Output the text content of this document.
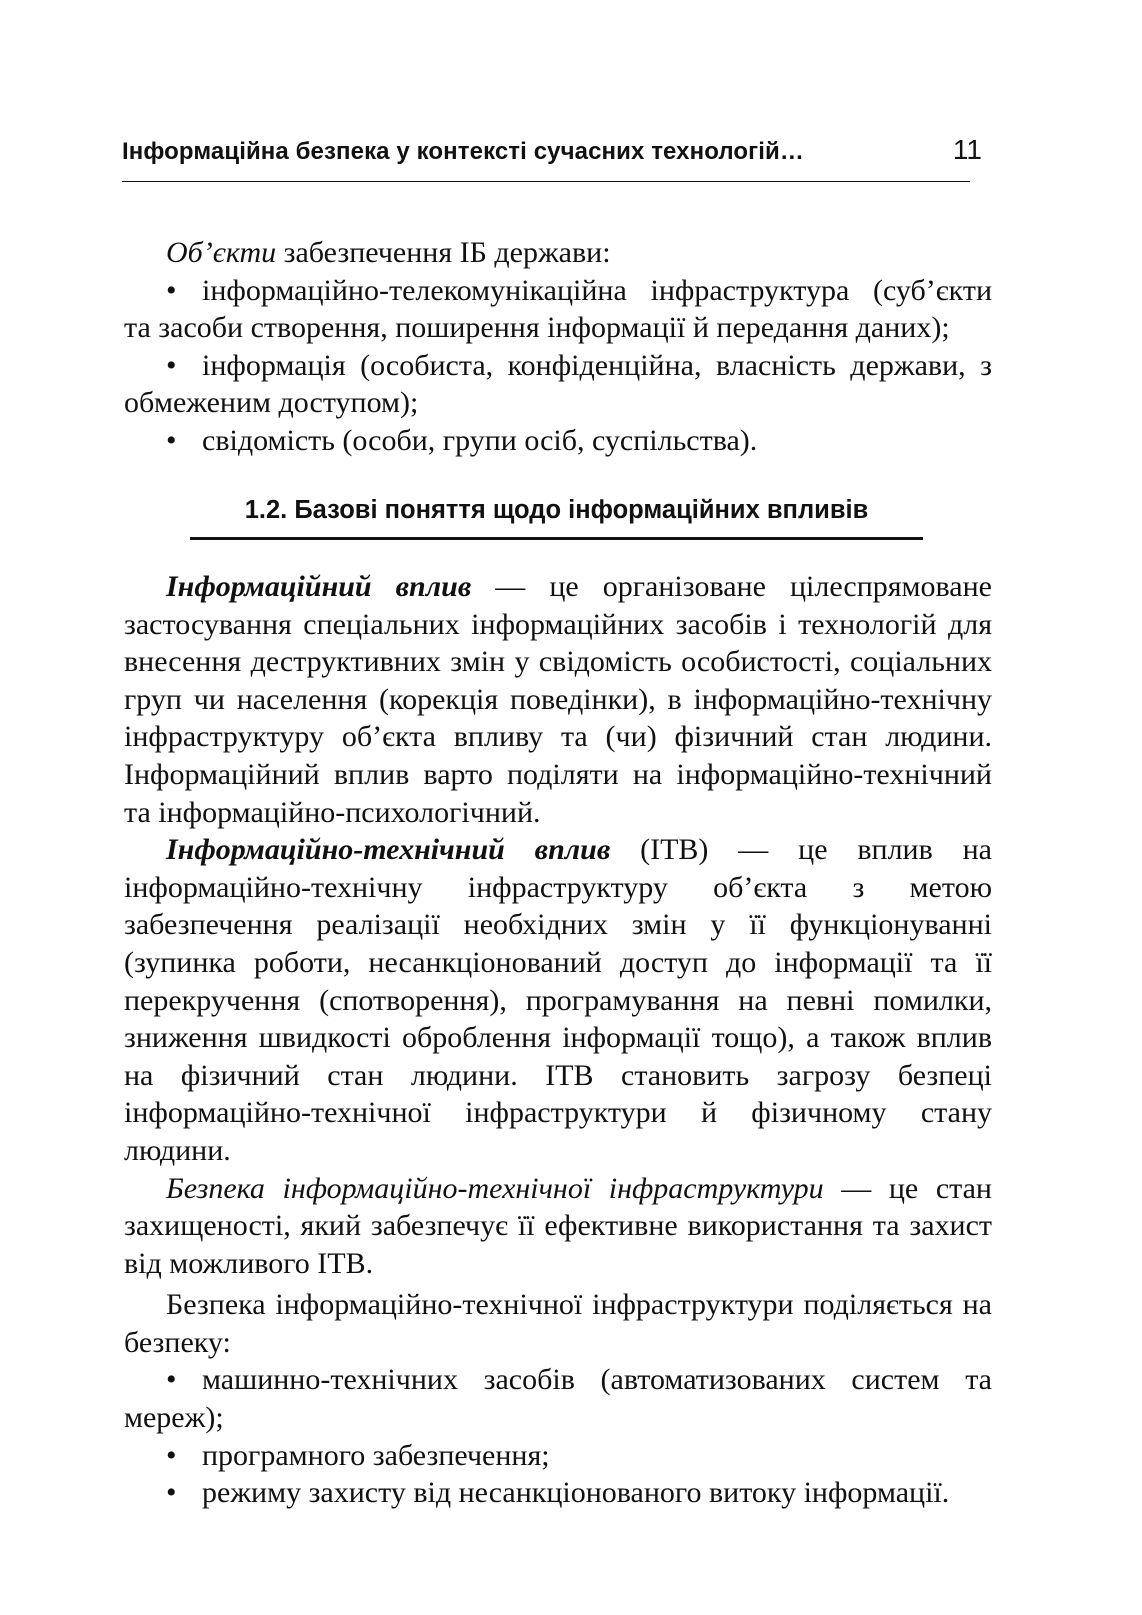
Інформаційна безпека у контексті сучасних технологій…	11

Об’єкти забезпечення ІБ держави:

• інформаційно-телекомунікаційна інфраструктура (суб’єкти та засоби створення, поширення інформації й передання даних);

• інформація (особиста, конфіденційна, власність держави, з обмеженим доступом);

• свідомість (особи, групи осіб, суспільства).

1.2. Базові поняття щодо інформаційних впливів

Інформаційний вплив — це організоване цілеспрямоване застосування спеціальних інформаційних засобів і технологій для внесення деструктивних змін у свідомість особистості, соціальних груп чи населення (корекція поведінки), в інформаційно-технічну інфраструктуру об’єкта впливу та (чи) фізичний стан людини. Інформаційний вплив варто поділяти на інформаційно-технічний та інформаційно-психологічний.

Інформаційно-технічний вплив (ІТВ) — це вплив на інформаційно-технічну інфраструктуру об’єкта з метою забезпечення реалізації необхідних змін у її функціонуванні (зупинка роботи, несанкціонований доступ до інформації та її перекручення (спотворення), програмування на певні помилки, зниження швидкості оброблення інформації тощо), а також вплив на фізичний стан людини. ІТВ становить загрозу безпеці інформаційно-технічної інфраструктури й фізичному стану людини.

Безпека інформаційно-технічної інфраструктури — це стан захищеності, який забезпечує її ефективне використання та захист від можливого ІТВ.

Безпека інформаційно-технічної інфраструктури поділяється на безпеку:

• машинно-технічних засобів (автоматизованих систем та мереж);

• програмного забезпечення;

• режиму захисту від несанкціонованого витоку інформації.
